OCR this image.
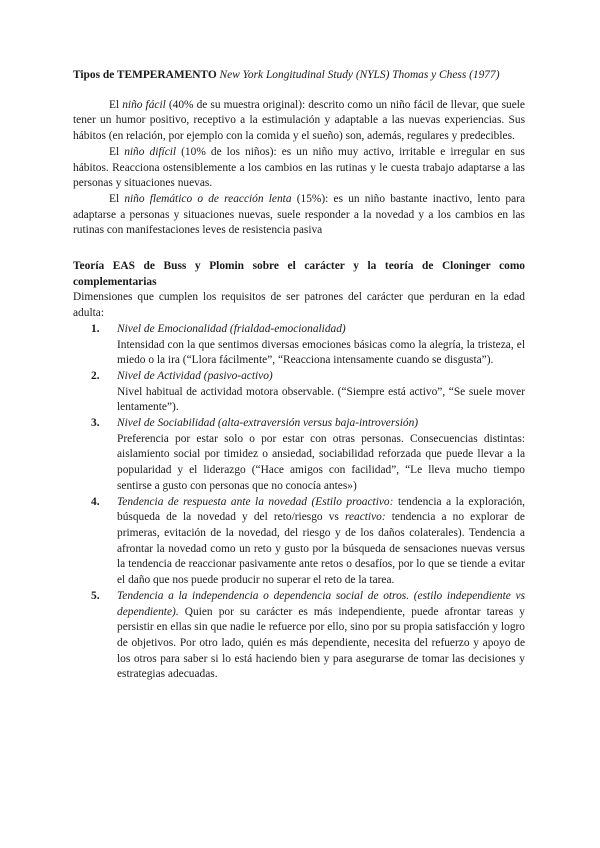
Tipos de TEMPERAMENTO New York Longitudinal Study (NYLS) Thomas y Chess (1977)

El niño fácil (40% de su muestra original): descrito como un niño fácil de llevar, que suele tener un humor positivo, receptivo a la estimulación y adaptable a las nuevas experiencias. Sus hábitos (en relación, por ejemplo con la comida y el sueño) son, además, regulares y predecibles.

El niño difícil (10% de los niños): es un niño muy activo, irritable e irregular en sus hábitos. Reacciona ostensiblemente a los cambios en las rutinas y le cuesta trabajo adaptarse a las personas y situaciones nuevas.

El niño flemático o de reacción lenta (15%): es un niño bastante inactivo, lento para adaptarse a personas y situaciones nuevas, suele responder a la novedad y a los cambios en las rutinas con manifestaciones leves de resistencia pasiva

Teoría EAS de Buss y Plomin sobre el carácter y la teoría de Cloninger como complementarias

Dimensiones que cumplen los requisitos de ser patrones del carácter que perduran en la edad adulta:

1. Nivel de Emocionalidad (frialdad-emocionalidad)
Intensidad con la que sentimos diversas emociones básicas como la alegría, la tristeza, el miedo o la ira (“Llora fácilmente”, “Reacciona intensamente cuando se disgusta”).
2. Nivel de Actividad (pasivo-activo)
Nivel habitual de actividad motora observable. (“Siempre está activo”, “Se suele mover lentamente”).
3. Nivel de Sociabilidad (alta-extraversión versus baja-introversión)
Preferencia por estar solo o por estar con otras personas. Consecuencias distintas: aislamiento social por timidez o ansiedad, sociabilidad reforzada que puede llevar a la popularidad y el liderazgo (“Hace amigos con facilidad”, “Le lleva mucho tiempo sentirse a gusto con personas que no conocía antes»)
4. Tendencia de respuesta ante la novedad (Estilo proactivo: tendencia a la exploración, búsqueda de la novedad y del reto/riesgo vs reactivo: tendencia a no explorar de primeras, evitación de la novedad, del riesgo y de los daños colaterales). Tendencia a afrontar la novedad como un reto y gusto por la búsqueda de sensaciones nuevas versus la tendencia de reaccionar pasivamente ante retos o desafíos, por lo que se tiende a evitar el daño que nos puede producir no superar el reto de la tarea.
5. Tendencia a la independencia o dependencia social de otros. (estilo independiente vs dependiente). Quien por su carácter es más independiente, puede afrontar tareas y persistir en ellas sin que nadie le refuerce por ello, sino por su propia satisfacción y logro de objetivos. Por otro lado, quién es más dependiente, necesita del refuerzo y apoyo de los otros para saber si lo está haciendo bien y para asegurarse de tomar las decisiones y estrategias adecuadas.
